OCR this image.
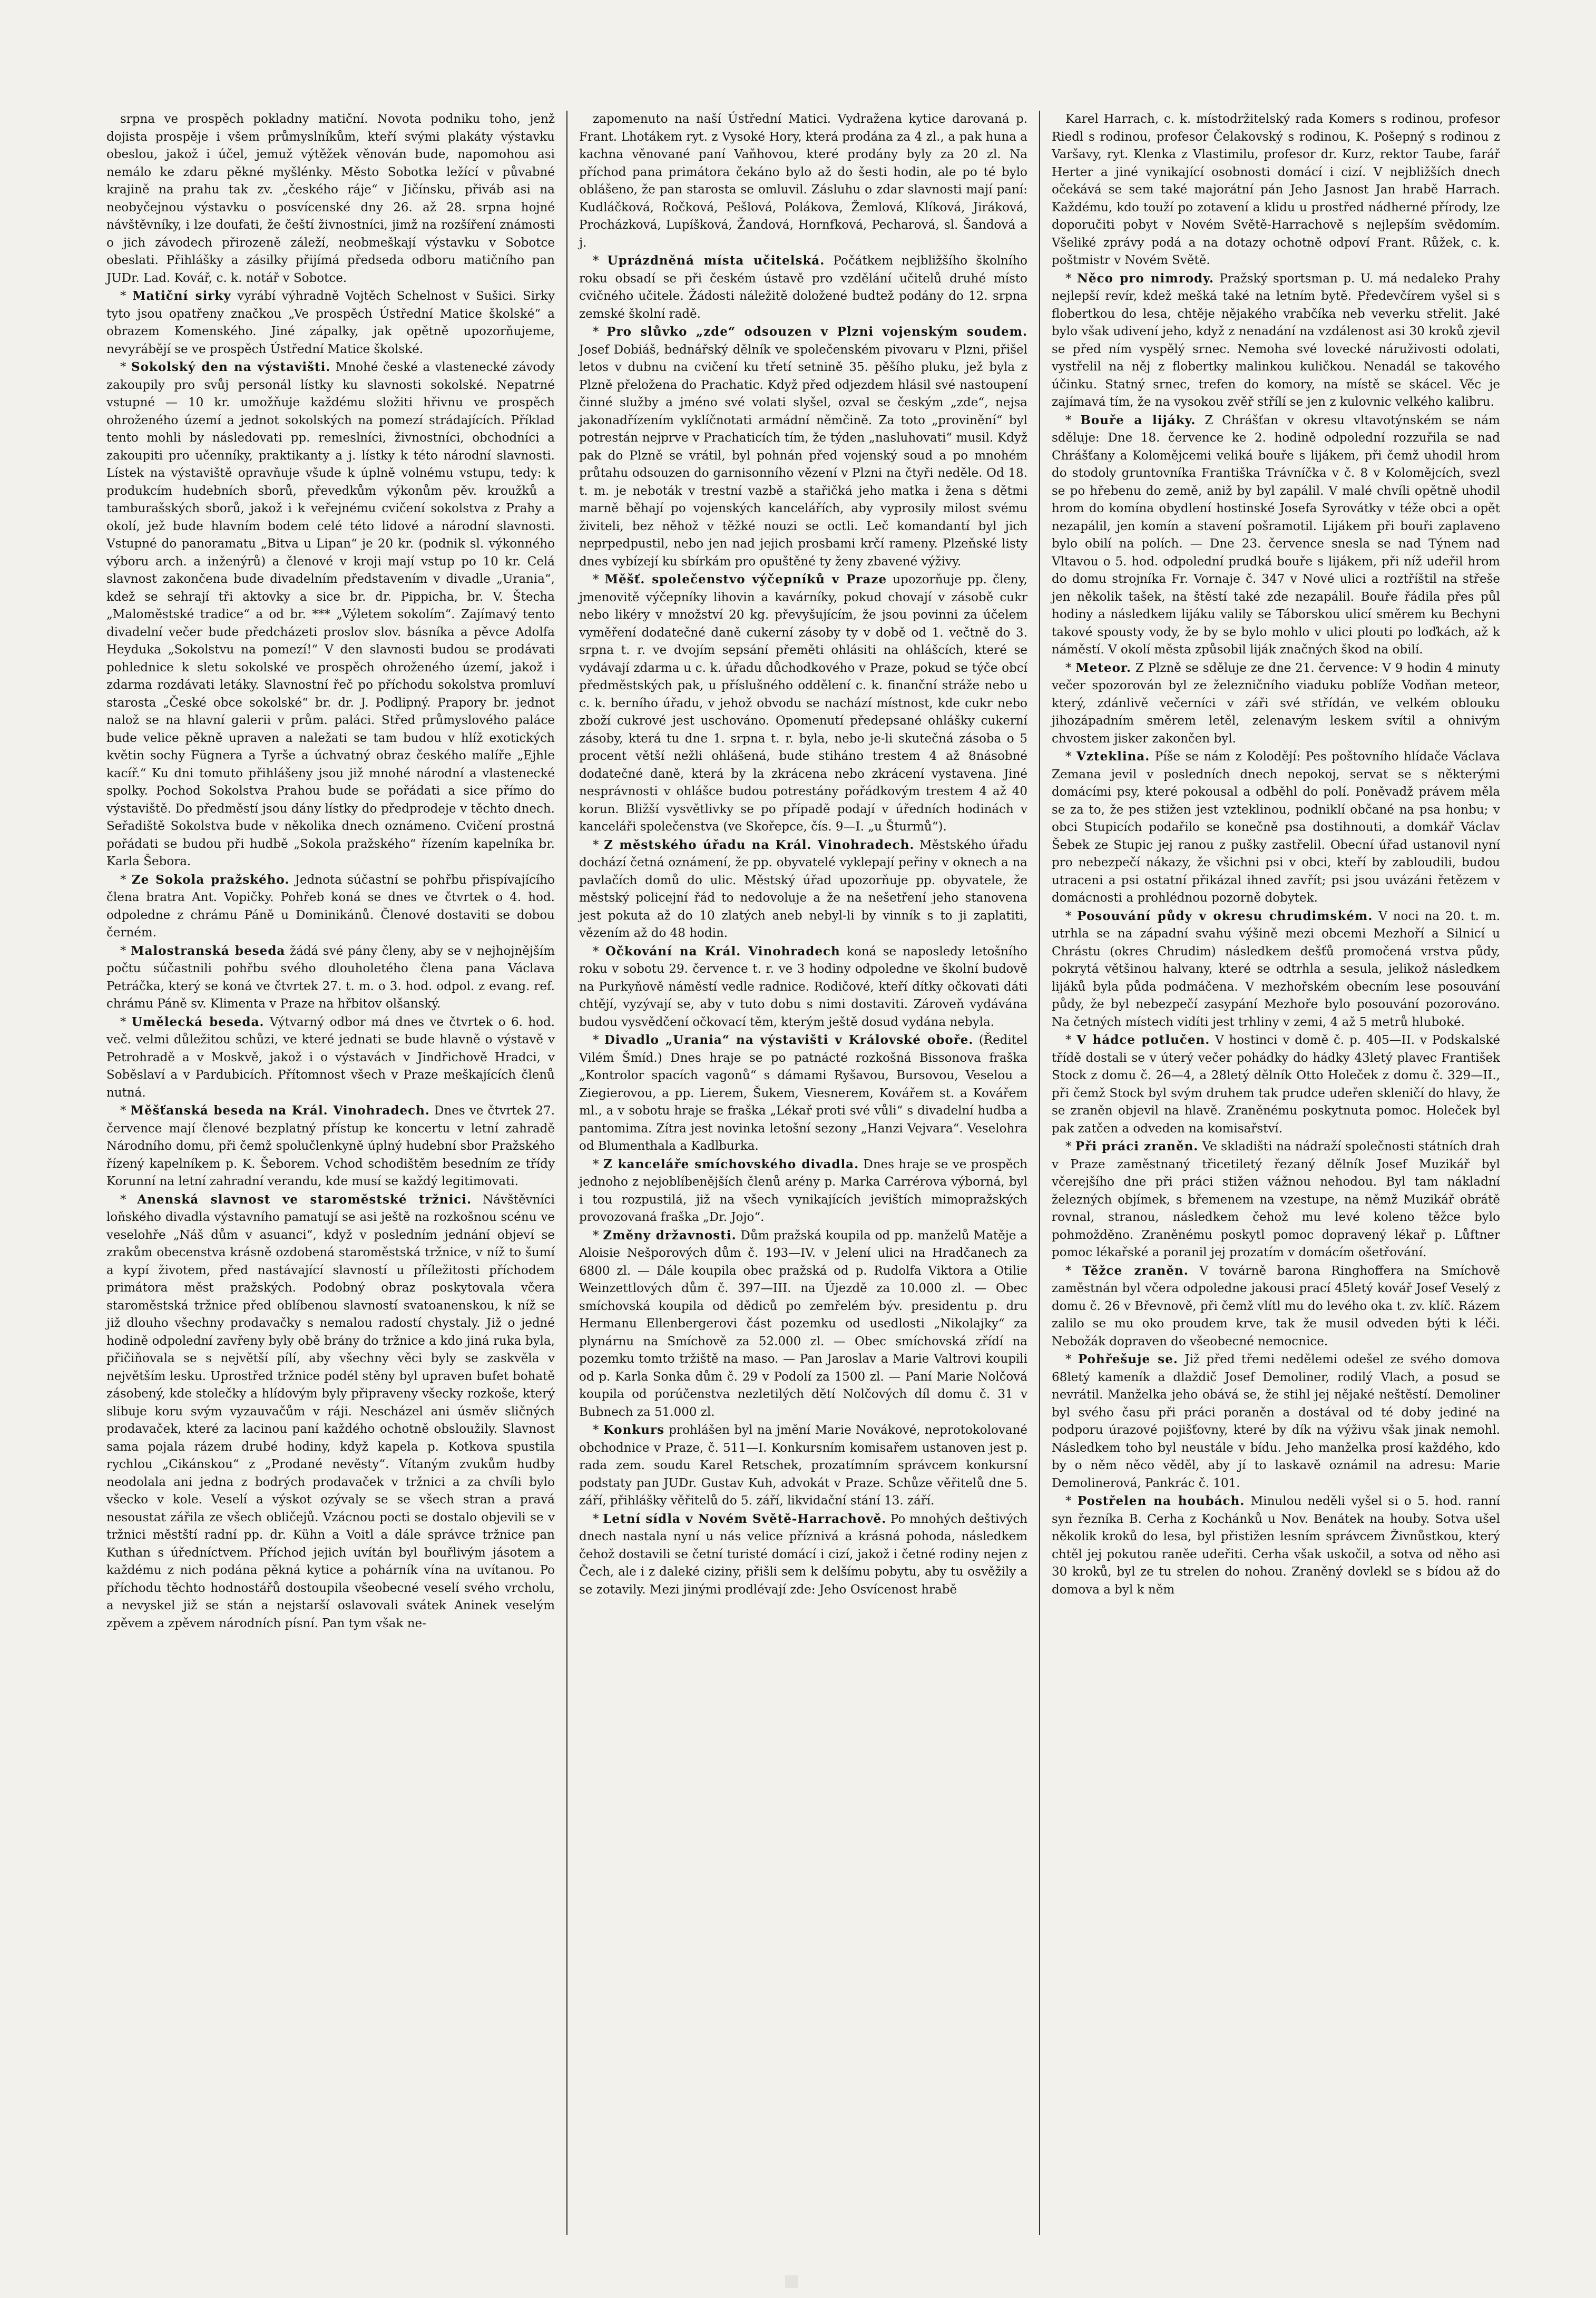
srpna ve prospěch pokladny matiční. Novota podniku toho, jenž dojista prospěje i všem průmyslníkům, kteří svými plakáty výstavku obeslou, jakož i účel, jemuž výtěžek věnován bude, napomohou asi nemálo ke zdaru pěkné myšlénky. Město Sobotka ležící v půvabné krajině na prahu tak zv. „českého ráje“ v Jičínsku, přiváb asi na neobyčejnou výstavku o posvícenské dny 26. až 28. srpna hojné návštěvníky, i lze doufati, že čeští živnostníci, jimž na rozšíření známosti o jich závodech přirozeně záleží, neobmeškají výstavku v Sobotce obeslati. Přihlášky a zásilky přijímá předseda odboru matičního pan JUDr. Lad. Kovář, c. k. notář v Sobotce.

* Matiční sirky vyrábí výhradně Vojtěch Schelnost v Sušici. Sirky tyto jsou opatřeny značkou „Ve prospěch Ústřední Matice školské“ a obrazem Komenského. Jiné zápalky, jak opětně upozorňujeme, nevyrábějí se ve prospěch Ústřední Matice školské.

* Sokolský den na výstavišti. Mnohé české a vlastenecké závody zakoupily pro svůj personál lístky ku slavnosti sokolské. Nepatrné vstupné — 10 kr. umožňuje každému složiti hřivnu ve prospěch ohroženého území a jednot sokolských na pomezí strádajících. Příklad tento mohli by následovati pp. remeslníci, živnostníci, obchodníci a zakoupiti pro učenníky, praktikanty a j. lístky k této národní slavnosti. Lístek na výstaviště opravňuje všude k úplně volnému vstupu, tedy: k produkcím hudebních sborů, převedkům výkonům pěv. kroužků a tamburašských sborů, jakož i k veřejnému cvičení sokolstva z Prahy a okolí, jež bude hlavním bodem celé této lidové a národní slavnosti. Vstupné do panoramatu „Bitva u Lipan“ je 20 kr. (podnik sl. výkonného výboru arch. a inženýrů) a členové v kroji mají vstup po 10 kr. Celá slavnost zakončena bude divadelním představením v divadle „Urania“, kdež se sehrají tři aktovky a sice br. dr. Pippicha, br. V. Štecha „Maloměstské tradice“ a od br. *** „Výletem sokolím“. Zajímavý tento divadelní večer bude předcházeti proslov slov. básníka a pěvce Adolfa Heyduka „Sokolstvu na pomezí!“ V den slavnosti budou se prodávati pohlednice k sletu sokolské ve prospěch ohroženého území, jakož i zdarma rozdávati letáky. Slavnostní řeč po příchodu sokolstva promluví starosta „České obce sokolské“ br. dr. J. Podlipný. Prapory br. jednot nalož se na hlavní galerii v prům. paláci. Střed průmyslového paláce bude velice pěkně upraven a naležati se tam budou v hlíž exotických květin sochy Fügnera a Tyrše a úchvatný obraz českého malíře „Ejhle kacíř.“ Ku dni tomuto přihlášeny jsou již mnohé národní a vlastenecké spolky. Pochod Sokolstva Prahou bude se pořádati a sice přímo do výstaviště. Do předměstí jsou dány lístky do předprodeje v těchto dnech. Seřadiště Sokolstva bude v několika dnech oznámeno. Cvičení prostná pořádati se budou při hudbě „Sokola pražského“ řízením kapelníka br. Karla Šebora.

* Ze Sokola pražského. Jednota súčastní se pohřbu přispívajícího člena bratra Ant. Vopičky. Pohřeb koná se dnes ve čtvrtek o 4. hod. odpoledne z chrámu Páně u Dominikánů. Členové dostaviti se dobou černém.

* Malostranská beseda žádá své pány členy, aby se v nejhojnějším počtu súčastnili pohřbu svého dlouholetého člena pana Václava Petráčka, který se koná ve čtvrtek 27. t. m. o 3. hod. odpol. z evang. ref. chrámu Páně sv. Klimenta v Praze na hřbitov olšanský.

* Umělecká beseda. Výtvarný odbor má dnes ve čtvrtek o 6. hod. več. velmi důležitou schůzi, ve které jednati se bude hlavně o výstavě v Petrohradě a v Moskvě, jakož i o výstavách v Jindřichově Hradci, v Soběslaví a v Pardubicích. Přítomnost všech v Praze meškajících členů nutná.

* Měšťanská beseda na Král. Vinohradech. Dnes ve čtvrtek 27. července mají členové bezplatný přístup ke koncertu v letní zahradě Národního domu, při čemž spolučlenkyně úplný hudební sbor Pražského řízený kapelníkem p. K. Šeborem. Vchod schodištěm besedním ze třídy Korunní na letní zahradní verandu, kde musí se každý legitimovati.

* Anenská slavnost ve staroměstské tržnici. Návštěvníci loňského divadla výstavního pamatují se asi ještě na rozkošnou scénu ve veselohře „Náš dům v asuanci“, když v posledním jednání objeví se zrakům obecenstva krásně ozdobená staroměstská tržnice, v níž to šumí a kypí životem, před nastávající slavností u příležitosti příchodem primátora měst pražských. Podobný obraz poskytovala včera staroměstská tržnice před oblíbenou slavností svatoanenskou, k níž se již dlouho všechny prodavačky s nemalou radostí chystaly. Již o jedné hodině odpolední zavřeny byly obě brány do tržnice a kdo jiná ruka byla, přičiňovala se s největší pílí, aby všechny věci byly se zaskvěla v největším lesku. Uprostřed tržnice podél stěny byl upraven bufet bohatě zásobený, kde stolečky a hlídovým byly připraveny všecky rozkoše, který slibuje koru svým vyzauvačům v ráji. Nescházel ani úsměv sličných prodavaček, které za lacinou paní každého ochotně obsloužily. Slavnost sama pojala rázem drubé hodiny, když kapela p. Kotkova spustila rychlou „Cikánskou“ z „Prodané nevěsty“. Vítaným zvukům hudby neodolala ani jedna z bodrých prodavaček v tržnici a za chvíli bylo všecko v kole. Veselí a výskot ozývaly se se všech stran a pravá nesoustat zářila ze všech obličejů. Vzácnou pocti se dostalo objevili se v tržnici městští radní pp. dr. Kühn a Voitl a dále správce tržnice pan Kuthan s úředníctvem. Příchod jejich uvítán byl bouřlivým jásotem a každému z nich podána pěkná kytice a pohárník vína na uvítanou. Po příchodu těchto hodnostářů dostoupila všeobecné veselí svého vrcholu, a nevyskel již se stán a nejstarší oslavovali svátek Aninek veselým zpěvem a zpěvem národních písní. Pan tym však ne-

zapomenuto na naší Ústřední Matici. Vydražena kytice darovaná p. Frant. Lhotákem ryt. z Vysoké Hory, která prodána za 4 zl., a pak huna a kachna věnované paní Vaňhovou, které prodány byly za 20 zl. Na příchod pana primátora čekáno bylo až do šesti hodin, ale po té bylo oblášeno, že pan starosta se omluvil. Zásluhu o zdar slavnosti mají paní: Kudláčková, Ročková, Pešlová, Polákova, Žemlová, Klíková, Jiráková, Procházková, Lupíšková, Žandová, Hornfková, Pecharová, sl. Šandová a j.

* Uprázdněná místa učitelská. Počátkem nejbližšího školního roku obsadí se při českém ústavě pro vzdělání učitelů druhé místo cvičného učitele. Žádosti náležitě doložené budtež podány do 12. srpna zemské školní radě.

* Pro slůvko „zde“ odsouzen v Plzni vojenským soudem. Josef Dobiáš, bednářský dělník ve společenském pivovaru v Plzni, přišel letos v dubnu na cvičení ku třetí setnině 35. pěšího pluku, jež byla z Plzně přeložena do Prachatic. Když před odjezdem hlásil své nastoupení činné služby a jméno své volati slyšel, ozval se českým „zde“, nejsa jakonadřízením vyklíčnotati armádní němčině. Za toto „provinění“ byl potrestán nejprve v Prachaticích tím, že týden „nasluhovati“ musil. Když pak do Plzně se vrátil, byl pohnán před vojenský soud a po mnohém průtahu odsouzen do garnisonního vězení v Plzni na čtyři neděle. Od 18. t. m. je neboták v trestní vazbě a stařičká jeho matka i žena s dětmi marně běhají po vojenských kancelářích, aby vyprosily milost svému živiteli, bez něhož v těžké nouzi se octli. Leč komandantí byl jich neprpedpustil, nebo jen nad jejich prosbami krčí rameny. Plzeňské listy dnes vybízejí ku sbírkám pro opuštěné ty ženy zbavené výživy.

* Měšť. společenstvo výčepníků v Praze upozorňuje pp. členy, jmenovitě výčepníky lihovin a kavárníky, pokud chovají v zásobě cukr nebo likéry v množství 20 kg. převyšujícím, že jsou povinni za účelem vyměření dodatečné daně cukerní zásoby ty v době od 1. večtně do 3. srpna t. r. ve dvojím sepsání přeměti ohlásiti na ohlášcích, které se vydávají zdarma u c. k. úřadu důchodkového v Praze, pokud se týče obcí předměstských pak, u příslušného oddělení c. k. finanční stráže nebo u c. k. berního úřadu, v jehož obvodu se nachází místnost, kde cukr nebo zboží cukrové jest uschováno. Opomenutí předepsané ohlášky cukerní zásoby, která tu dne 1. srpna t. r. byla, nebo je-li skutečná zásoba o 5 procent větší nežli ohlášená, bude stiháno trestem 4 až 8násobné dodatečné daně, která by la zkrácena nebo zkrácení vystavena. Jiné nesprávnosti v ohlášce budou potrestány pořádkovým trestem 4 až 40 korun. Bližší vysvětlivky se po případě podají v úředních hodinách v kanceláři společenstva (ve Skořepce, čís. 9—I. „u Šturmů“).

* Z městského úřadu na Král. Vinohradech. Městského úřadu dochází četná oznámení, že pp. obyvatelé vyklepají peřiny v oknech a na pavlačích domů do ulic. Městský úřad upozorňuje pp. obyvatele, že městský policejní řád to nedovoluje a že na nešetření jeho stanovena jest pokuta až do 10 zlatých aneb nebyl-li by vinník s to ji zaplatiti, vězením až do 48 hodin.

* Očkování na Král. Vinohradech koná se naposledy letošního roku v sobotu 29. července t. r. ve 3 hodiny odpoledne ve školní budově na Purkyňově náměstí vedle radnice. Rodičové, kteří dítky očkovati dáti chtějí, vyzývají se, aby v tuto dobu s nimi dostaviti. Zároveň vydávána budou vysvědčení očkovací těm, kterým ještě dosud vydána nebyla.

* Divadlo „Urania“ na výstavišti v Královské oboře. (Ředitel Vilém Šmíd.) Dnes hraje se po patnácté rozkošná Bissonova fraška „Kontrolor spacích vagonů“ s dámami Ryšavou, Bursovou, Veselou a Ziegierovou, a pp. Lierem, Šukem, Viesnerem, Kovářem st. a Kovářem ml., a v sobotu hraje se fraška „Lékař proti své vůli“ s divadelní hudba a pantomima. Zítra jest novinka letošní sezony „Hanzi Vejvara“. Veselohra od Blumenthala a Kadlburka.

* Z kanceláře smíchovského divadla. Dnes hraje se ve prospěch jednoho z nejoblíbenějších členů arény p. Marka Carrérova výborná, byl i tou rozpustilá, již na všech vynikajících jevištích mimopražských provozovaná fraška „Dr. Jojo“.

* Změny državnosti. Dům pražská koupila od pp. manželů Matěje a Aloisie Nešporových dům č. 193—IV. v Jelení ulici na Hradčanech za 6800 zl. — Dále koupila obec pražská od p. Rudolfa Viktora a Otilie Weinzettlových dům č. 397—III. na Újezdě za 10.000 zl. — Obec smíchovská koupila od dědiců po zemřelém býv. presidentu p. dru Hermanu Ellenbergerovi část pozemku od usedlosti „Nikolajky“ za plynárnu na Smíchově za 52.000 zl. — Obec smíchovská zřídí na pozemku tomto tržiště na maso. — Pan Jaroslav a Marie Valtrovi koupili od p. Karla Sonka dům č. 29 v Podolí za 1500 zl. — Paní Marie Nolčová koupila od porúčenstva nezletilých dětí Nolčových díl domu č. 31 v Bubnech za 51.000 zl.

* Konkurs prohlášen byl na jmění Marie Novákové, neprotokolované obchodnice v Praze, č. 511—I. Konkursním komisařem ustanoven jest p. rada zem. soudu Karel Retschek, prozatímním správcem konkursní podstaty pan JUDr. Gustav Kuh, advokát v Praze. Schůze věřitelů dne 5. září, přihlášky věřitelů do 5. září, likvidační stání 13. září.

* Letní sídla v Novém Světě-Harrachově. Po mnohých deštivých dnech nastala nyní u nás velice příznivá a krásná pohoda, následkem čehož dostavili se četní turisté domácí i cizí, jakož i četné rodiny nejen z Čech, ale i z daleké ciziny, přišli sem k delšímu pobytu, aby tu osvěžily a se zotavily. Mezi jinými prodlévají zde: Jeho Osvícenost hrabě

Karel Harrach, c. k. místodržitelský rada Komers s rodinou, profesor Riedl s rodinou, profesor Čelakovský s rodinou, K. Pošepný s rodinou z Varšavy, ryt. Klenka z Vlastimilu, profesor dr. Kurz, rektor Taube, farář Herter a jiné vynikající osobnosti domácí i cizí. V nejbližších dnech očekává se sem také majorátní pán Jeho Jasnost Jan hrabě Harrach. Každému, kdo touží po zotavení a klidu u prostřed nádherné přírody, lze doporučiti pobyt v Novém Světě-Harrachově s nejlepším svědomím. Všeliké zprávy podá a na dotazy ochotně odpoví Frant. Růžek, c. k. poštmistr v Novém Světě.

* Něco pro nimrody. Pražský sportsman p. U. má nedaleko Prahy nejlepší revír, kdež mešká také na letním bytě. Předevčírem vyšel si s flobertkou do lesa, chtěje nějakého vrabčíka neb veverku střelit. Jaké bylo však udivení jeho, když z nenadání na vzdálenost asi 30 kroků zjevil se před ním vyspělý srnec. Nemoha své lovecké náruživosti odolati, vystřelil na něj z flobertky malinkou kuličkou. Nenadál se takového účinku. Statný srnec, trefen do komory, na místě se skácel. Věc je zajímavá tím, že na vysokou zvěř střílí se jen z kulovnic velkého kalibru.

* Bouře a lijáky. Z Chrášťan v okresu vltavotýnském se nám sděluje: Dne 18. července ke 2. hodině odpolední rozzuřila se nad Chrášťany a Kolomějcemi veliká bouře s lijákem, při čemž uhodil hrom do stodoly gruntovníka Františka Trávníčka v č. 8 v Kolomějcích, svezl se po hřebenu do země, aniž by byl zapálil. V malé chvíli opětně uhodil hrom do komína obydlení hostinské Josefa Syrovátky v téže obci a opět nezapálil, jen komín a stavení pošramotil. Lijákem při bouři zaplaveno bylo obilí na polích. — Dne 23. července snesla se nad Týnem nad Vltavou o 5. hod. odpolední prudká bouře s lijákem, při níž udeřil hrom do domu strojníka Fr. Vornaje č. 347 v Nové ulici a roztříštil na střeše jen několik tašek, na štěstí také zde nezapálil. Bouře řádila přes půl hodiny a následkem lijáku valily se Táborskou ulicí směrem ku Bechyni takové spousty vody, že by se bylo mohlo v ulici plouti po loďkách, až k náměstí. V okolí města způsobil liják značných škod na obilí.

* Meteor. Z Plzně se sděluje ze dne 21. července: V 9 hodin 4 minuty večer spozorován byl ze železničního viaduku poblíže Vodňan meteor, který, zdánlivě večerníci v záři své střídán, ve velkém oblouku jihozápadním směrem letěl, zelenavým leskem svítil a ohnivým chvostem jisker zakončen byl.

* Vzteklina. Píše se nám z Kolodějí: Pes poštovního hlídače Václava Zemana jevil v posledních dnech nepokoj, servat se s některými domácími psy, které pokousal a odběhl do polí. Poněvadž právem měla se za to, že pes stižen jest vzteklinou, podniklí občané na psa honbu; v obci Stupicích podařilo se konečně psa dostihnouti, a domkář Václav Šebek ze Stupic jej ranou z pušky zastřelil. Obecní úřad ustanovil nyní pro nebezpečí nákazy, že všichni psi v obci, kteří by zabloudili, budou utraceni a psi ostatní přikázal ihned zavřít; psi jsou uvázáni řetězem v domácnosti a prohlédnou pozorně dobytek.

* Posouvání půdy v okresu chrudimském. V noci na 20. t. m. utrhla se na západní svahu výšině mezi obcemi Mezhoří a Silnicí u Chrástu (okres Chrudim) následkem dešťů promočená vrstva půdy, pokrytá většinou halvany, které se odtrhla a sesula, jelikož následkem lijáků byla půda podmáčena. V mezhořském obecním lese posouvání půdy, že byl nebezpečí zasypání Mezhoře bylo posouvání pozorováno. Na četných místech vidíti jest trhliny v zemi, 4 až 5 metrů hluboké.

* V hádce potlučen. V hostinci v domě č. p. 405—II. v Podskalské třídě dostali se v úterý večer pohádky do hádky 43letý plavec František Stock z domu č. 26—4, a 28letý dělník Otto Holeček z domu č. 329—II., při čemž Stock byl svým druhem tak prudce udeřen skleničí do hlavy, že se zraněn objevil na hlavě. Zraněnému poskytnuta pomoc. Holeček byl pak zatčen a odveden na komisařství.

* Při práci zraněn. Ve skladišti na nádraží společnosti státních drah v Praze zaměstnaný třicetiletý řezaný dělník Josef Muzikář byl včerejšího dne při práci stižen vážnou nehodou. Byl tam nákladní železných objímek, s břemenem na vzestupe, na němž Muzikář obrátě rovnal, stranou, následkem čehož mu levé koleno těžce bylo pohmožděno. Zraněnému poskytl pomoc dopravený lékař p. Lůftner pomoc lékařské a poranil jej prozatím v domácím ošetřování.

* Těžce zraněn. V továrně barona Ringhoffera na Smíchově zaměstnán byl včera odpoledne jakousi prací 45letý kovář Josef Veselý z domu č. 26 v Břevnově, při čemž vlítl mu do levého oka t. zv. klíč. Rázem zalilo se mu oko proudem krve, tak že musil odveden býti k léči. Nebožák dopraven do všeobecné nemocnice.

* Pohřešuje se. Již před třemi nedělemi odešel ze svého domova 68letý kameník a dlaždič Josef Demoliner, rodilý Vlach, a posud se nevrátil. Manželka jeho obává se, že stihl jej nějaké neštěstí. Demoliner byl svého času při práci poraněn a dostával od té doby jediné na podporu úrazové pojišťovny, které by dík na výživu však jinak nemohl. Následkem toho byl neustále v bídu. Jeho manželka prosí každého, kdo by o něm něco věděl, aby jí to laskavě oznámil na adresu: Marie Demolinerová, Pankrác č. 101.

* Postřelen na houbách. Minulou neděli vyšel si o 5. hod. ranní syn řezníka B. Cerha z Kochánků u Nov. Benátek na houby. Sotva ušel několik kroků do lesa, byl přistižen lesním správcem Živnůstkou, který chtěl jej pokutou raněe udeřiti. Cerha však uskočil, a sotva od něho asi 30 kroků, byl ze tu strelen do nohou. Zraněný dovlekl se s bídou až do domova a byl k něm
